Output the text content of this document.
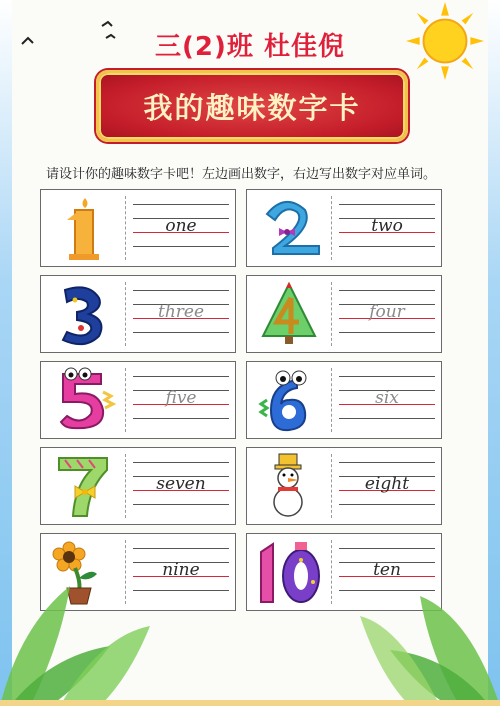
三(2)班 杜佳倪
我的趣味数字卡
请设计你的趣味数字卡吧！左边画出数字，右边写出数字对应单词。
one	two
three	four
five	six
seven	eight
nine	ten
